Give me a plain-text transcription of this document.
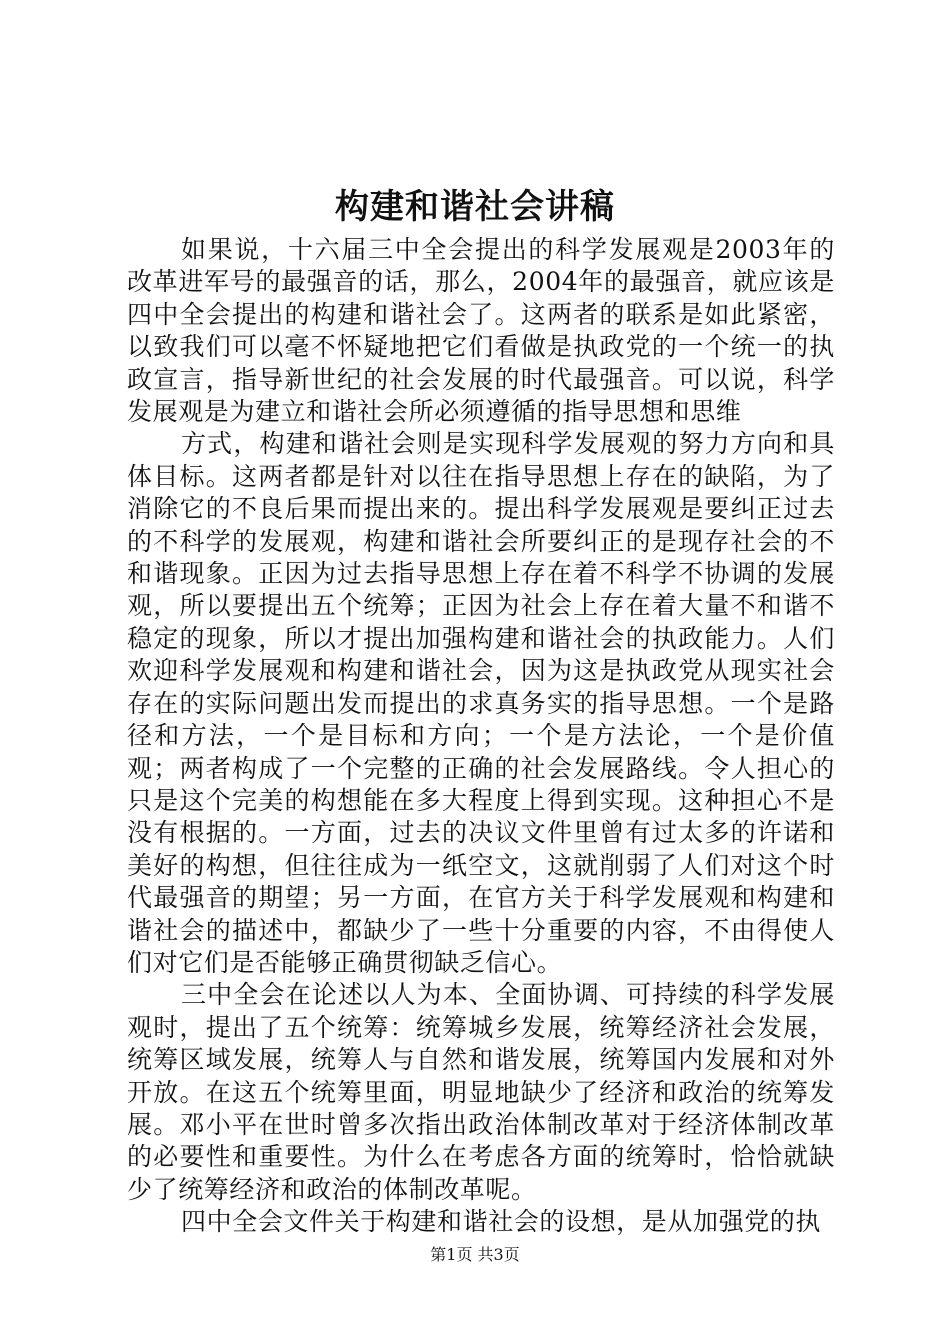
构建和谐社会讲稿

如果说，十六届三中全会提出的科学发展观是2003年的改革进军号的最强音的话，那么，2004年的最强音，就应该是四中全会提出的构建和谐社会了。这两者的联系是如此紧密，以致我们可以毫不怀疑地把它们看做是执政党的一个统一的执政宣言，指导新世纪的社会发展的时代最强音。可以说，科学发展观是为建立和谐社会所必须遵循的指导思想和思维

方式，构建和谐社会则是实现科学发展观的努力方向和具体目标。这两者都是针对以往在指导思想上存在的缺陷，为了消除它的不良后果而提出来的。提出科学发展观是要纠正过去的不科学的发展观，构建和谐社会所要纠正的是现存社会的不和谐现象。正因为过去指导思想上存在着不科学不协调的发展观，所以要提出五个统筹；正因为社会上存在着大量不和谐不稳定的现象，所以才提出加强构建和谐社会的执政能力。人们欢迎科学发展观和构建和谐社会，因为这是执政党从现实社会存在的实际问题出发而提出的求真务实的指导思想。一个是路径和方法，一个是目标和方向；一个是方法论，一个是价值观；两者构成了一个完整的正确的社会发展路线。令人担心的只是这个完美的构想能在多大程度上得到实现。这种担心不是没有根据的。一方面，过去的决议文件里曾有过太多的许诺和美好的构想，但往往成为一纸空文，这就削弱了人们对这个时代最强音的期望；另一方面，在官方关于科学发展观和构建和谐社会的描述中，都缺少了一些十分重要的内容，不由得使人们对它们是否能够正确贯彻缺乏信心。

三中全会在论述以人为本、全面协调、可持续的科学发展观时，提出了五个统筹：统筹城乡发展，统筹经济社会发展，统筹区域发展，统筹人与自然和谐发展，统筹国内发展和对外开放。在这五个统筹里面，明显地缺少了经济和政治的统筹发展。邓小平在世时曾多次指出政治体制改革对于经济体制改革的必要性和重要性。为什么在考虑各方面的统筹时，恰恰就缺少了统筹经济和政治的体制改革呢。

四中全会文件关于构建和谐社会的设想，是从加强党的执

第1页 共3页
